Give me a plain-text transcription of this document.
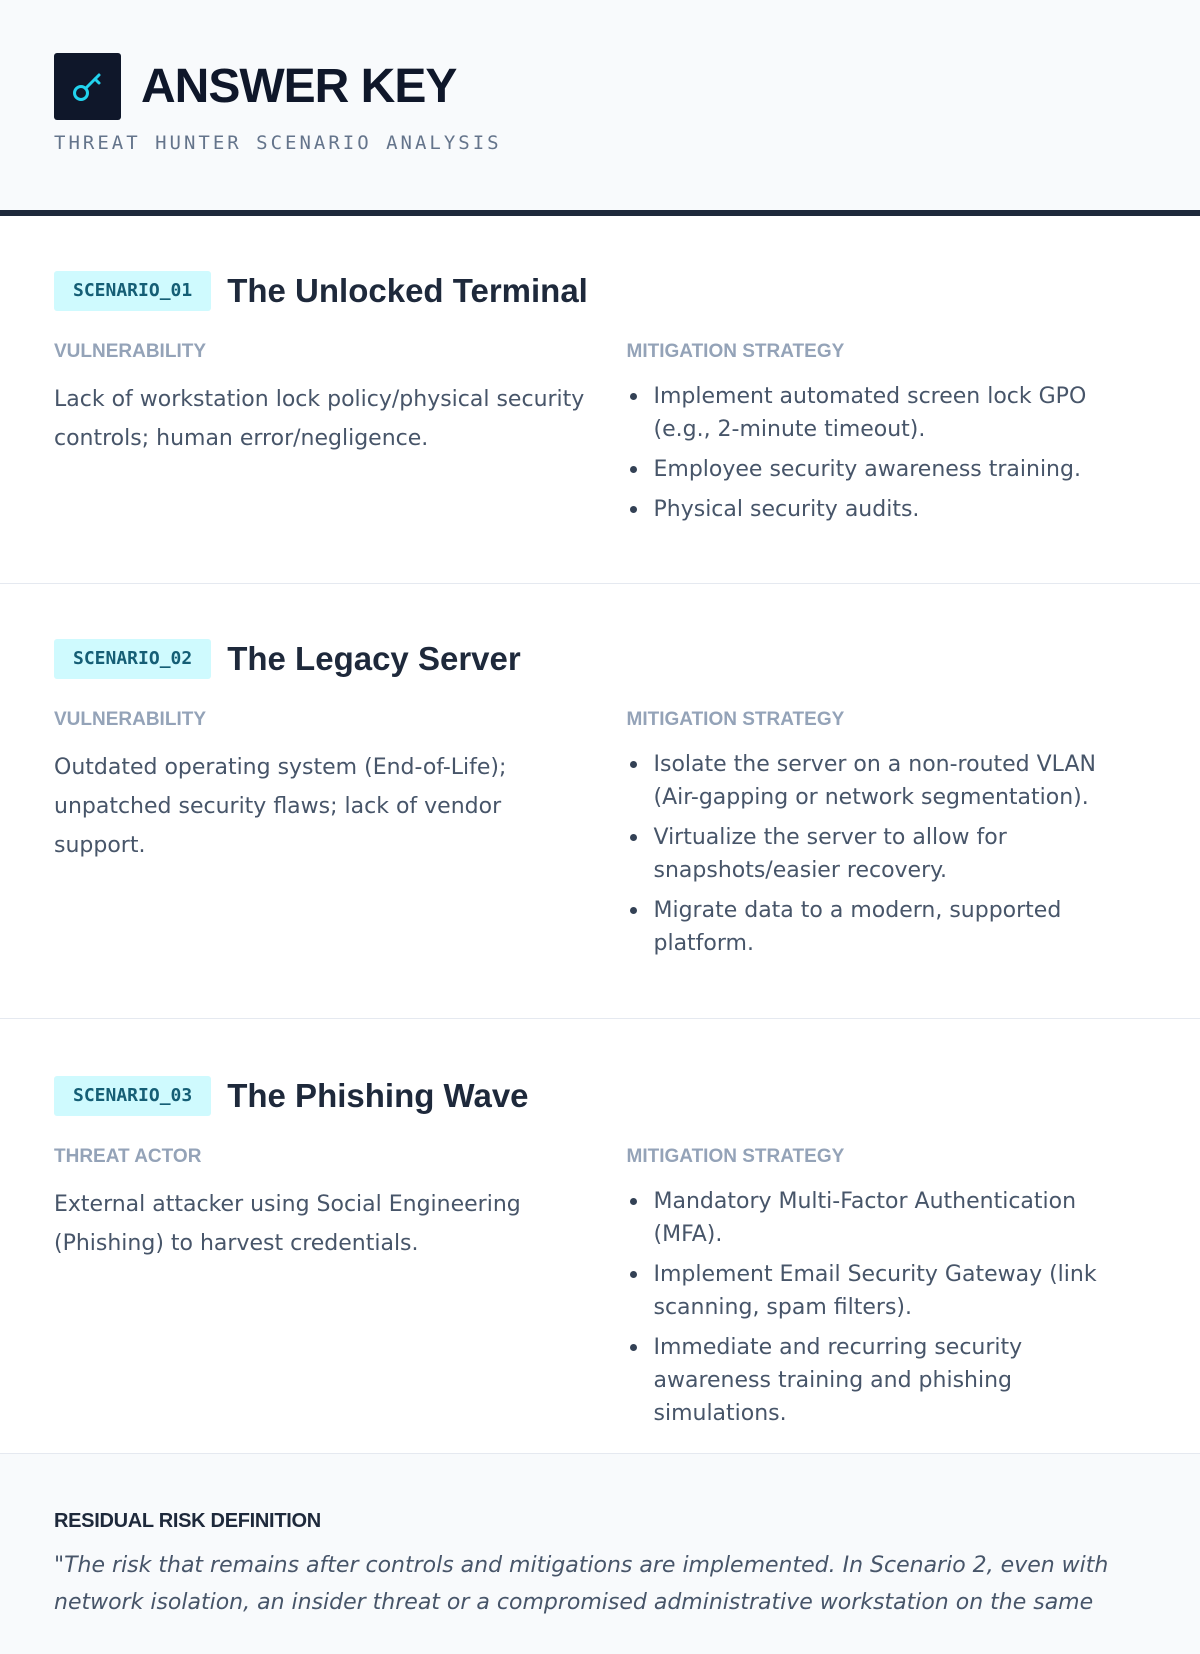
ANSWER KEY
THREAT HUNTER SCENARIO ANALYSIS
SCENARIO_01	The Unlocked Terminal
VULNERABILITY

Lack of workstation lock policy/physical security controls; human error/negligence.

MITIGATION STRATEGY
Implement automated screen lock GPO (e.g., 2-minute timeout).
Employee security awareness training.
Physical security audits.
SCENARIO_02	The Legacy Server
VULNERABILITY

Outdated operating system (End-of-Life); unpatched security flaws; lack of vendor support.

MITIGATION STRATEGY
Isolate the server on a non-routed VLAN (Air-gapping or network segmentation).
Virtualize the server to allow for snapshots/easier recovery.
Migrate data to a modern, supported platform.
SCENARIO_03	The Phishing Wave
THREAT ACTOR

External attacker using Social Engineering (Phishing) to harvest credentials.

MITIGATION STRATEGY
Mandatory Multi-Factor Authentication (MFA).
Implement Email Security Gateway (link scanning, spam filters).
Immediate and recurring security awareness training and phishing simulations.
RESIDUAL RISK DEFINITION

"The risk that remains after controls and mitigations are implemented. In Scenario 2, even with network isolation, an insider threat or a compromised administrative workstation on the same
